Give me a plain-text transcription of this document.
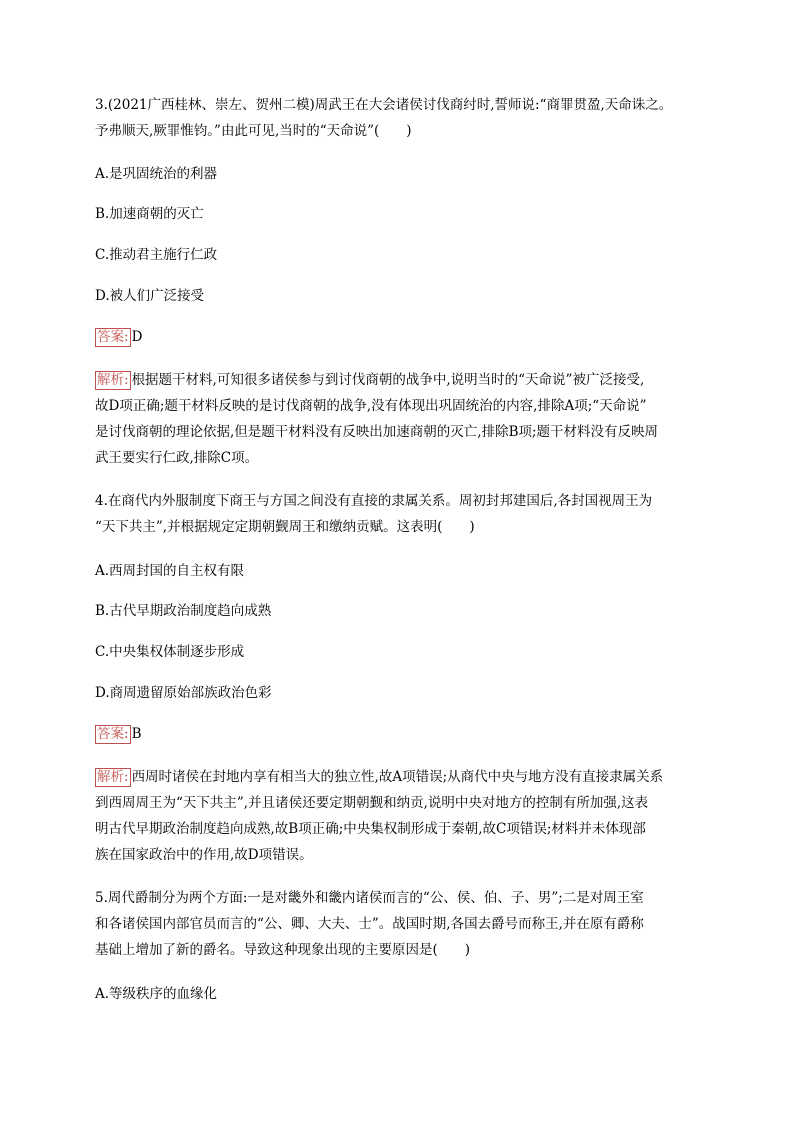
3.(2021广西桂林、崇左、贺州二模)周武王在大会诸侯讨伐商纣时,誓师说:“商罪贯盈,天命诛之。
予弗顺天,厥罪惟钧。”由此可见,当时的“天命说”(　　)
A.是巩固统治的利器
B.加速商朝的灭亡
C.推动君主施行仁政
D.被人们广泛接受
答案: D
解析: 根据题干材料,可知很多诸侯参与到讨伐商朝的战争中,说明当时的“天命说”被广泛接受,
故D项正确;题干材料反映的是讨伐商朝的战争,没有体现出巩固统治的内容,排除A项;“天命说”
是讨伐商朝的理论依据,但是题干材料没有反映出加速商朝的灭亡,排除B项;题干材料没有反映周
武王要实行仁政,排除C项。
4.在商代内外服制度下商王与方国之间没有直接的隶属关系。周初封邦建国后,各封国视周王为
“天下共主”,并根据规定定期朝觐周王和缴纳贡赋。这表明(　　)
A.西周封国的自主权有限
B.古代早期政治制度趋向成熟
C.中央集权体制逐步形成
D.商周遗留原始部族政治色彩
答案: B
解析: 西周时诸侯在封地内享有相当大的独立性,故A项错误;从商代中央与地方没有直接隶属关系
到西周周王为“天下共主”,并且诸侯还要定期朝觐和纳贡,说明中央对地方的控制有所加强,这表
明古代早期政治制度趋向成熟,故B项正确;中央集权制形成于秦朝,故C项错误;材料并未体现部
族在国家政治中的作用,故D项错误。
5.周代爵制分为两个方面:一是对畿外和畿内诸侯而言的“公、侯、伯、子、男”;二是对周王室
和各诸侯国内部官员而言的“公、卿、大夫、士”。战国时期,各国去爵号而称王,并在原有爵称
基础上增加了新的爵名。导致这种现象出现的主要原因是(　　)
A.等级秩序的血缘化
